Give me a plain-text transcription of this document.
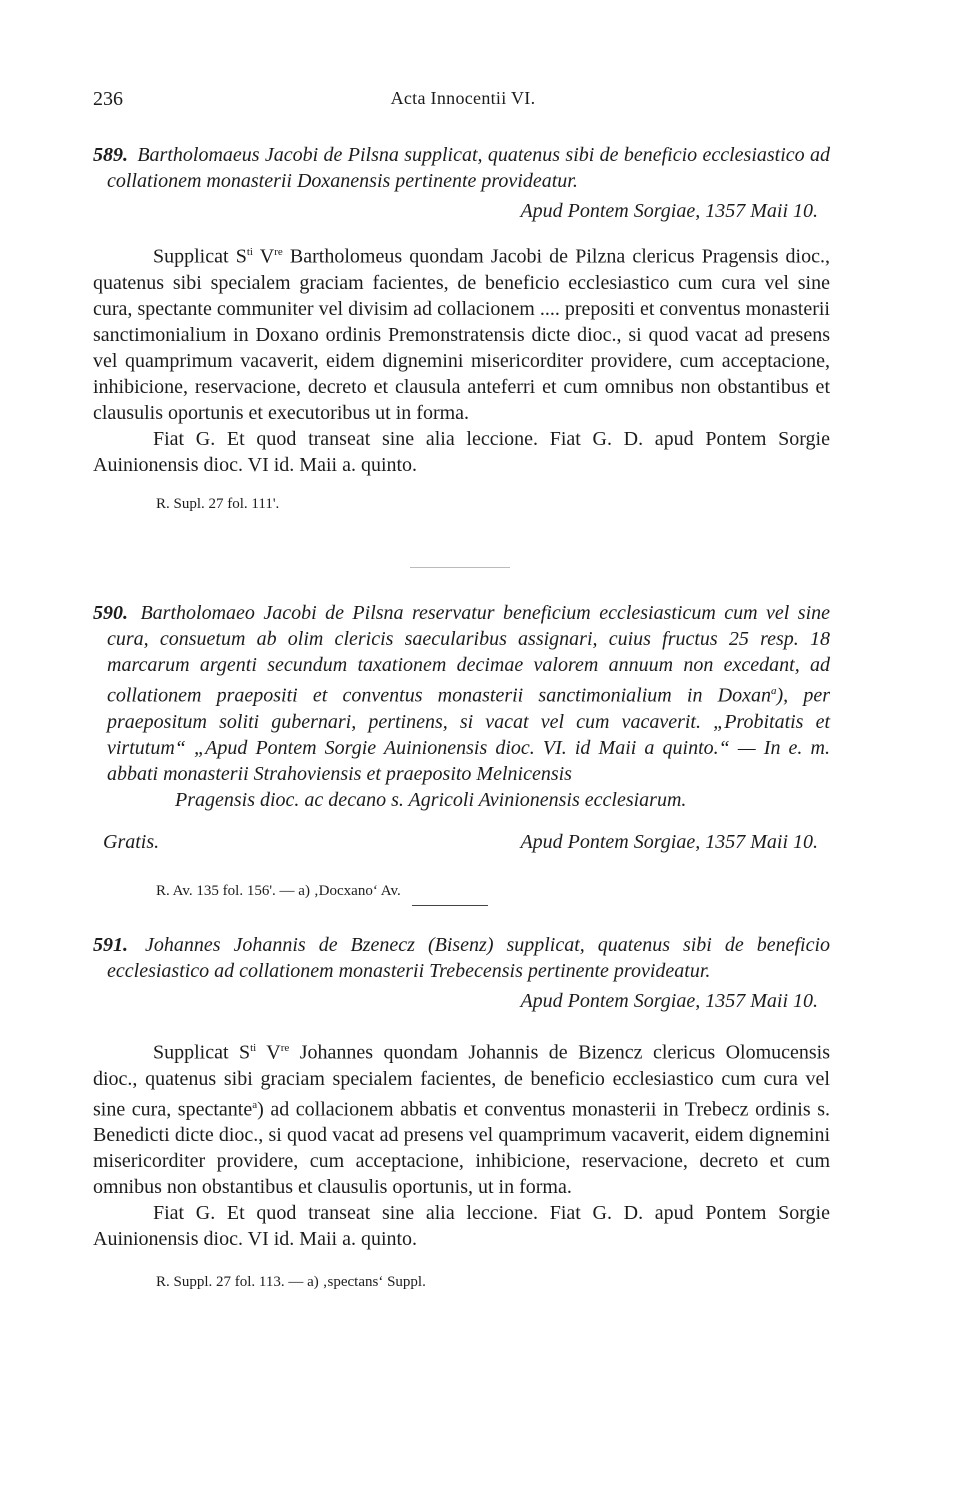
236	Acta Innocentii VI.

589. Bartholomaeus Jacobi de Pilsna supplicat, quatenus sibi de beneficio ecclesiastico ad collationem monasterii Doxanensis pertinente provideatur.

Apud Pontem Sorgiae, 1357 Maii 10.

Supplicat $S^{ti}$ Vre Bartholomeus quondam Jacobi de Pilzna clericus Pragensis dioc., quatenus sibi specialem graciam facientes, de beneficio ecclesiastico cum cura vel sine cura, spectante communiter vel divisim ad collacionem .... prepositi et conventus monasterii sanctimonialium in Doxano ordinis Premonstratensis dicte dioc., si quod vacat ad presens vel quamprimum vacaverit, eidem dignemini misericorditer providere, cum acceptacione, inhibicione, reservacione, decreto et clausula anteferri et cum omnibus non obstantibus et clausulis oportunis et executoribus ut in forma.

Fiat G. Et quod transeat sine alia leccione. Fiat G. D. apud Pontem Sorgie Auinionensis dioc. VI id. Maii a. quinto.

R. Supl. 27 fol. 111'.

590. Bartholomaeo Jacobi de Pilsna reservatur beneficium ecclesiasticum cum vel sine cura, consuetum ab olim clericis saecularibus assignari, cuius fructus 25 resp. 18 marcarum argenti secundum taxationem decimae valorem annuum non excedant, ad collationem praepositi et conventus monasterii sanctimonialium in Doxan$^a$), per praepositum soliti gubernari, pertinens, si vacat vel cum vacaverit. „Probitatis et virtutum“ „Apud Pontem Sorgie Auinionensis dioc. VI. id Maii a quinto.“ — In e. m. abbati monasterii Strahoviensis et praeposito Melnicensis

Pragensis dioc. ac decano s. Agricoli Avinionensis ecclesiarum.

Gratis.	Apud Pontem Sorgiae, 1357 Maii 10.
R. Av. 135 fol. 156'. — a) ‚Docxano‘ Av.

591. Johannes Johannis de Bzenecz (Bisenz) supplicat, quatenus sibi de beneficio ecclesiastico ad collationem monasterii Trebecensis pertinente provideatur.

Apud Pontem Sorgiae, 1357 Maii 10.

Supplicat $S^{ti}$ Vre Johannes quondam Johannis de Bizencz clericus Olomucensis dioc., quatenus sibi graciam specialem facientes, de beneficio ecclesiastico cum cura vel sine cura, spectante$^a$) ad collacionem abbatis et conventus monasterii in Trebecz ordinis s. Benedicti dicte dioc., si quod vacat ad presens vel quamprimum vacaverit, eidem dignemini misericorditer providere, cum acceptacione, inhibicione, reservacione, decreto et cum omnibus non obstantibus et clausulis oportunis, ut in forma.

Fiat G. Et quod transeat sine alia leccione. Fiat G. D. apud Pontem Sorgie Auinionensis dioc. VI id. Maii a. quinto.

R. Suppl. 27 fol. 113. — a) ‚spectans‘ Suppl.
